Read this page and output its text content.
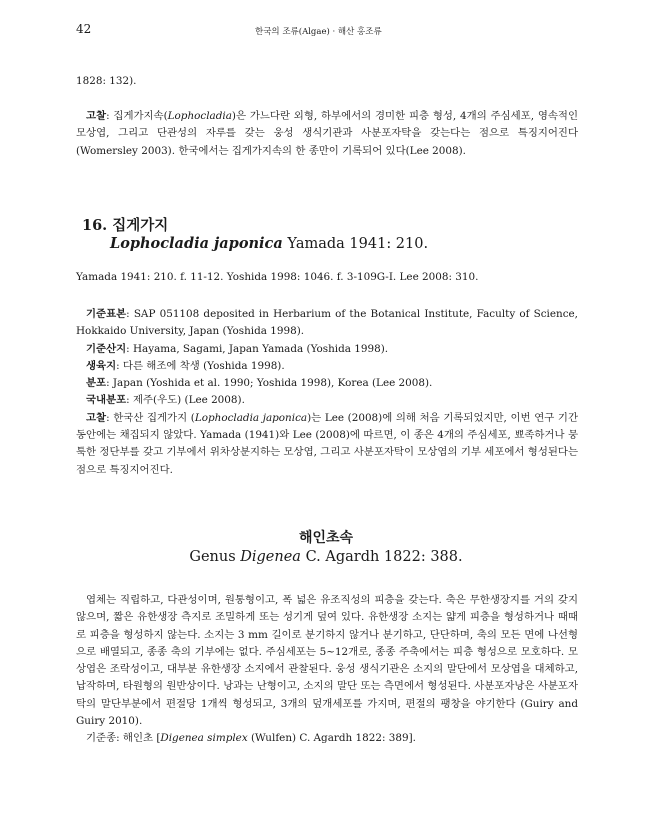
42	한국의 조류(Algae) · 해산 홍조류
1828: 132).
고찰: 집게가지속(Lophocladia)은 가느다란 외형, 하부에서의 경미한 피층 형성, 4개의 주심세포, 영속적인 모상엽, 그리고 단관성의 자루를 갖는 웅성 생식기관과 사분포자탁을 갖는다는 점으로 특징지어진다(Womersley 2003). 한국에서는 집게가지속의 한 종만이 기록되어 있다(Lee 2008).
16. 집게가지
Lophocladia japonica Yamada 1941: 210.
Yamada 1941: 210. f. 11-12. Yoshida 1998: 1046. f. 3-109G-I. Lee 2008: 310.
기준표본: SAP 051108 deposited in Herbarium of the Botanical Institute, Faculty of Science, Hokkaido University, Japan (Yoshida 1998).
기준산지: Hayama, Sagami, Japan Yamada (Yoshida 1998).
생육지: 다른 해조에 착생 (Yoshida 1998).
분포: Japan (Yoshida et al. 1990; Yoshida 1998), Korea (Lee 2008).
국내분포: 제주(우도) (Lee 2008).
고찰: 한국산 집게가지 (Lophocladia japonica)는 Lee (2008)에 의해 처음 기록되었지만, 이번 연구 기간 동안에는 채집되지 않았다. Yamada (1941)와 Lee (2008)에 따르면, 이 종은 4개의 주심세포, 뾰족하거나 뭉툭한 정단부를 갖고 기부에서 위차상분지하는 모상엽, 그리고 사분포자탁이 모상엽의 기부 세포에서 형성된다는 점으로 특징지어진다.
해인초속
Genus Digenea C. Agardh 1822: 388.
엽체는 직립하고, 다관성이며, 원통형이고, 폭 넓은 유조직성의 피층을 갖는다. 축은 무한생장지를 거의 갖지 않으며, 짧은 유한생장 측지로 조밀하게 또는 성기게 덮여 있다. 유한생장 소지는 얇게 피층을 형성하거나 때때로 피층을 형성하지 않는다. 소지는 3 mm 길이로 분기하지 않거나 분기하고, 단단하며, 축의 모든 면에 나선형으로 배열되고, 종종 축의 기부에는 없다. 주심세포는 5~12개로, 종종 주축에서는 피층 형성으로 모호하다. 모상엽은 조락성이고, 대부분 유한생장 소지에서 관찰된다. 웅성 생식기관은 소지의 말단에서 모상엽을 대체하고, 납작하며, 타원형의 원반상이다. 낭과는 난형이고, 소지의 말단 또는 측면에서 형성된다. 사분포자낭은 사분포자탁의 말단부분에서 편절당 1개씩 형성되고, 3개의 덮개세포를 가지며, 편절의 팽창을 야기한다 (Guiry and Guiry 2010).
기준종: 해인초 [Digenea simplex (Wulfen) C. Agardh 1822: 389].
